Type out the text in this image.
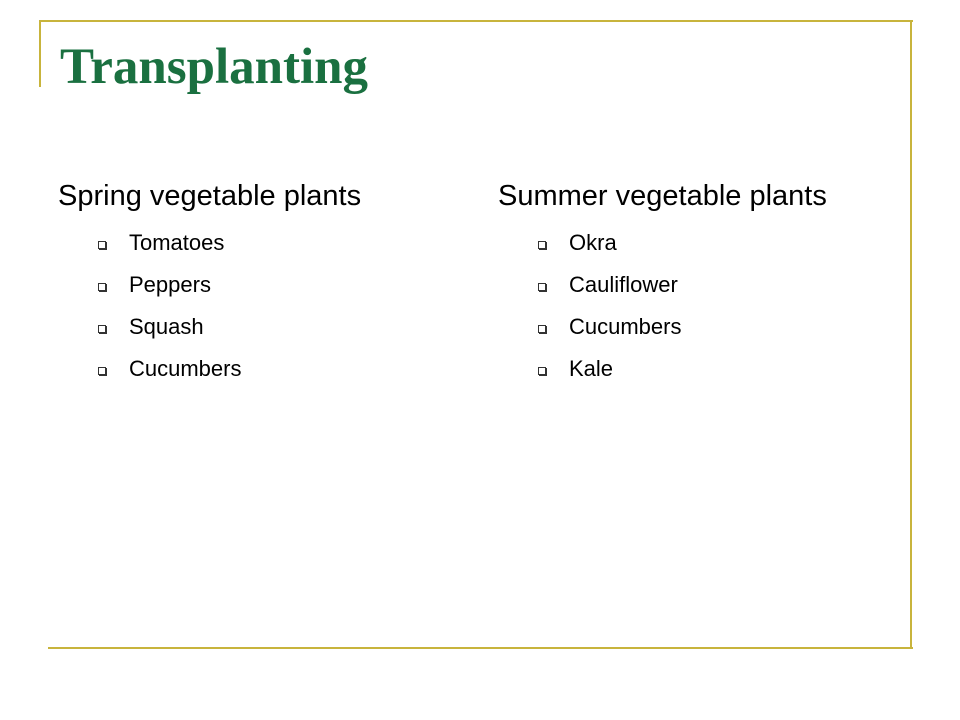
Transplanting
Spring vegetable plants
Tomatoes
Peppers
Squash
Cucumbers
Summer vegetable plants
Okra
Cauliflower
Cucumbers
Kale
